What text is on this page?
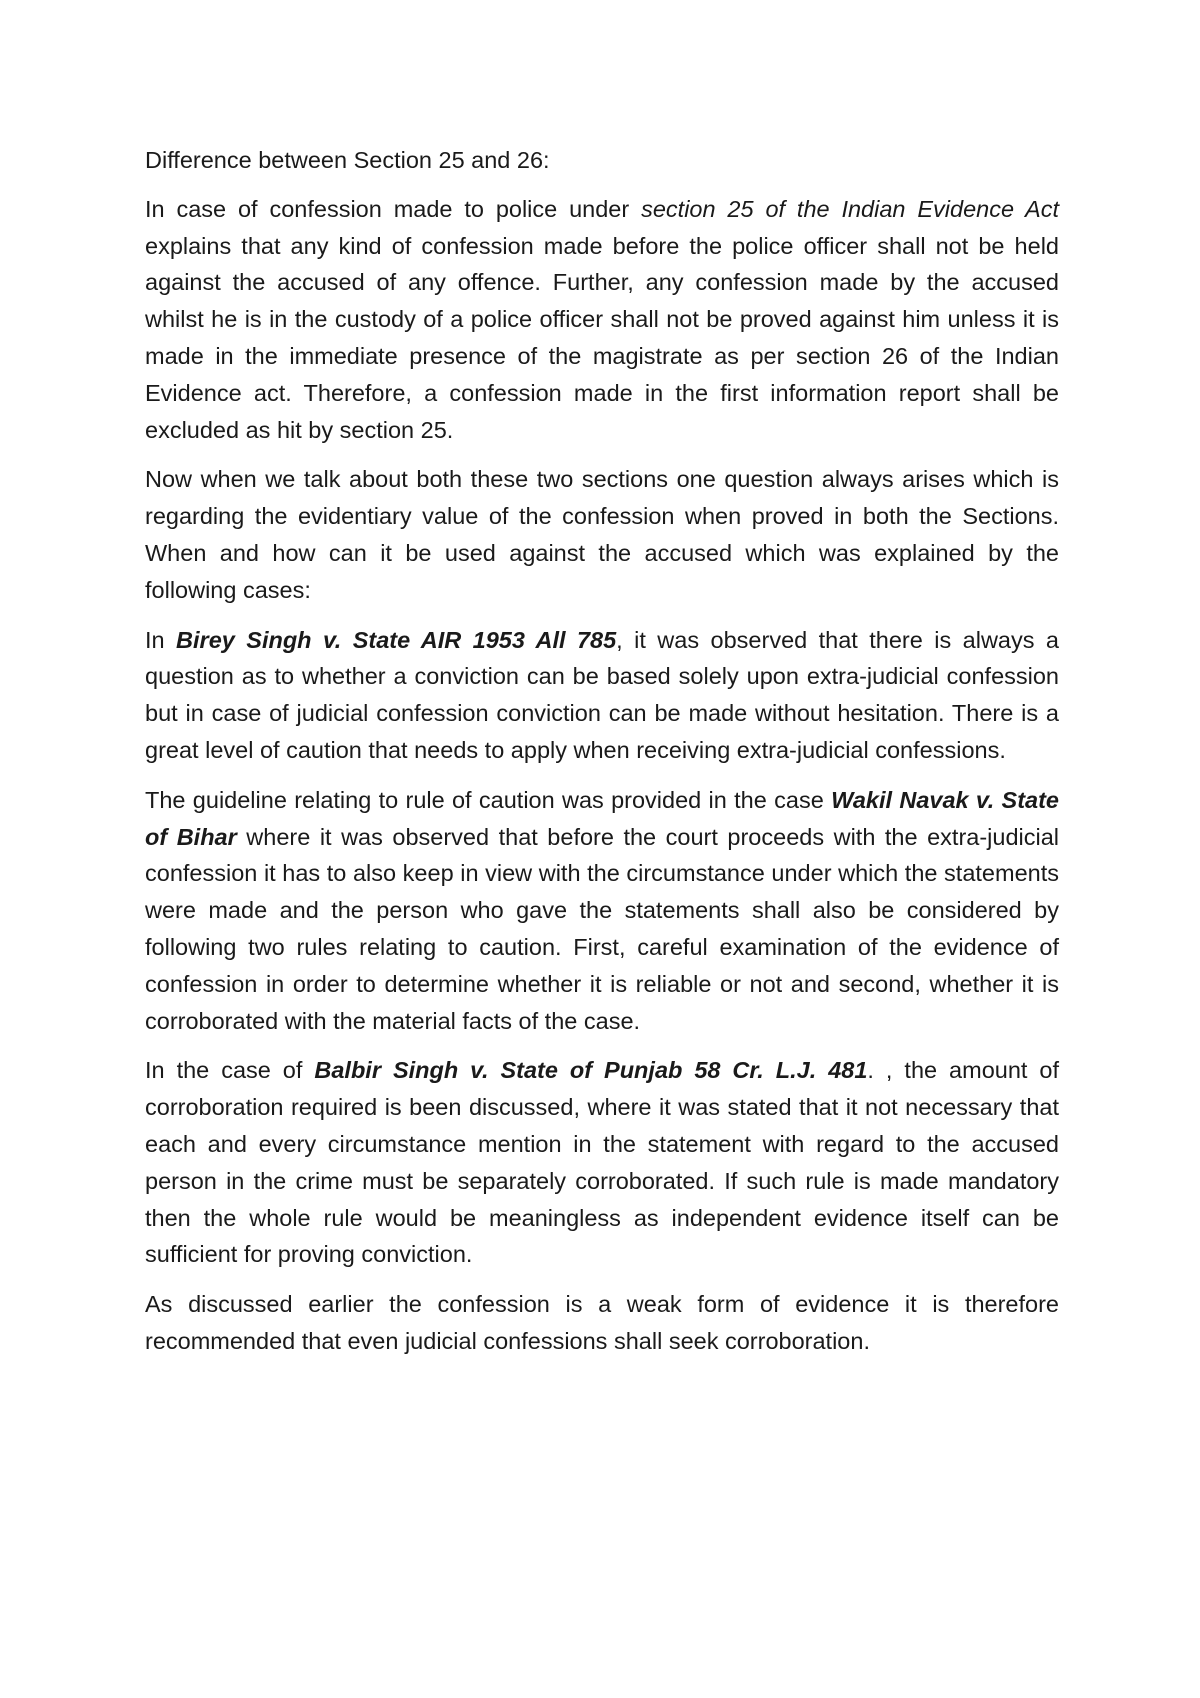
Difference between Section 25 and 26:

In case of confession made to police under section 25 of the Indian Evidence Act explains that any kind of confession made before the police officer shall not be held against the accused of any offence. Further, any confession made by the accused whilst he is in the custody of a police officer shall not be proved against him unless it is made in the immediate presence of the magistrate as per section 26 of the Indian Evidence act. Therefore, a confession made in the first information report shall be excluded as hit by section 25.

Now when we talk about both these two sections one question always arises which is regarding the evidentiary value of the confession when proved in both the Sections. When and how can it be used against the accused which was explained by the following cases:

In Birey Singh v. State AIR 1953 All 785, it was observed that there is always a question as to whether a conviction can be based solely upon extra-judicial confession but in case of judicial confession conviction can be made without hesitation. There is a great level of caution that needs to apply when receiving extra-judicial confessions.

The guideline relating to rule of caution was provided in the case Wakil Navak v. State of Bihar where it was observed that before the court proceeds with the extra-judicial confession it has to also keep in view with the circumstance under which the statements were made and the person who gave the statements shall also be considered by following two rules relating to caution. First, careful examination of the evidence of confession in order to determine whether it is reliable or not and second, whether it is corroborated with the material facts of the case.

In the case of Balbir Singh v. State of Punjab 58 Cr. L.J. 481. , the amount of corroboration required is been discussed, where it was stated that it not necessary that each and every circumstance mention in the statement with regard to the accused person in the crime must be separately corroborated. If such rule is made mandatory then the whole rule would be meaningless as independent evidence itself can be sufficient for proving conviction.

As discussed earlier the confession is a weak form of evidence it is therefore recommended that even judicial confessions shall seek corroboration.
